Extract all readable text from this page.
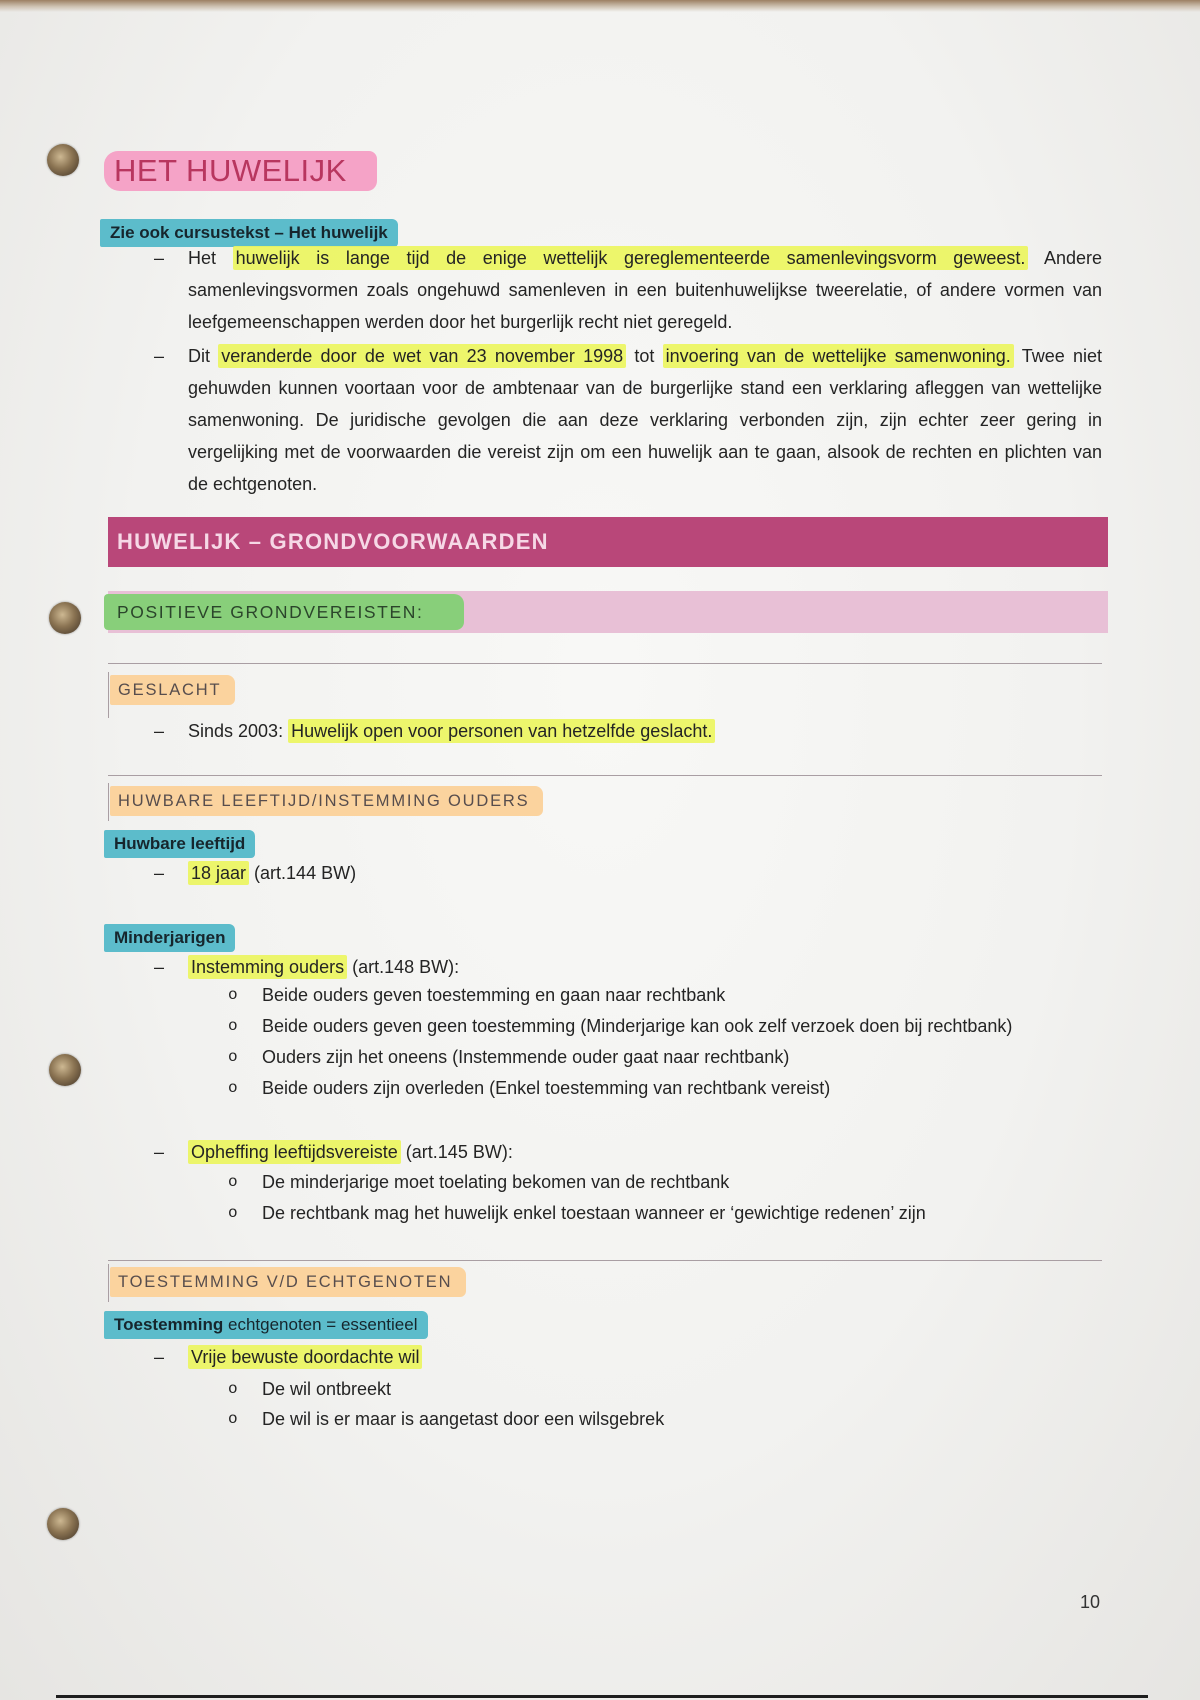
HET HUWELIJK
Zie ook cursustekst – Het huwelijk
– Het huwelijk is lange tijd de enige wettelijk gereglementeerde samenlevingsvorm geweest. Andere samenlevingsvormen zoals ongehuwd samenleven in een buitenhuwelijkse tweerelatie, of andere vormen van leefgemeenschappen werden door het burgerlijk recht niet geregeld.

– Dit veranderde door de wet van 23 november 1998 tot invoering van de wettelijke samenwoning. Twee niet gehuwden kunnen voortaan voor de ambtenaar van de burgerlijke stand een verklaring afleggen van wettelijke samenwoning. De juridische gevolgen die aan deze verklaring verbonden zijn, zijn echter zeer gering in vergelijking met de voorwaarden die vereist zijn om een huwelijk aan te gaan, alsook de rechten en plichten van de echtgenoten.

HUWELIJK – GRONDVOORWAARDEN
POSITIEVE GRONDVEREISTEN:
GESLACHT
– Sinds 2003: Huwelijk open voor personen van hetzelfde geslacht.
HUWBARE LEEFTIJD/INSTEMMING OUDERS
Huwbare leeftijd
– 18 jaar (art.144 BW)
Minderjarigen
– Instemming ouders (art.148 BW):
o Beide ouders geven toestemming en gaan naar rechtbank
o Beide ouders geven geen toestemming (Minderjarige kan ook zelf verzoek doen bij rechtbank)
o Ouders zijn het oneens (Instemmende ouder gaat naar rechtbank)
o Beide ouders zijn overleden (Enkel toestemming van rechtbank vereist)
– Opheffing leeftijdsvereiste (art.145 BW):
o De minderjarige moet toelating bekomen van de rechtbank
o De rechtbank mag het huwelijk enkel toestaan wanneer er ‘gewichtige redenen’ zijn
TOESTEMMING V/D ECHTGENOTEN
Toestemming echtgenoten = essentieel
– Vrije bewuste doordachte wil
o De wil ontbreekt
o De wil is er maar is aangetast door een wilsgebrek
10
